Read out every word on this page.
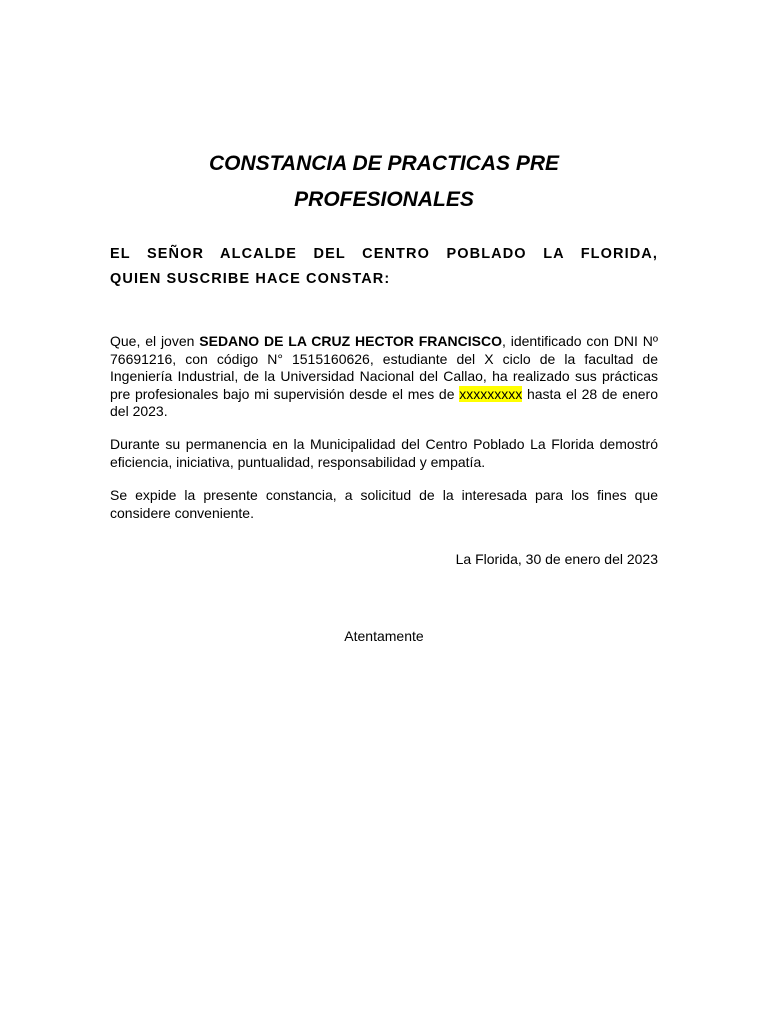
CONSTANCIA DE PRACTICAS PRE
PROFESIONALES

EL SEÑOR ALCALDE DEL CENTRO POBLADO LA FLORIDA,
QUIEN SUSCRIBE HACE CONSTAR:

Que, el joven SEDANO DE LA CRUZ HECTOR FRANCISCO, identificado con DNI Nº 76691216, con código N° 1515160626, estudiante del X ciclo de la facultad de Ingeniería Industrial, de la Universidad Nacional del Callao, ha realizado sus prácticas pre profesionales bajo mi supervisión desde el mes de xxxxxxxxx hasta el 28 de enero del 2023.

Durante su permanencia en la Municipalidad del Centro Poblado La Florida demostró eficiencia, iniciativa, puntualidad, responsabilidad y empatía.

Se expide la presente constancia, a solicitud de la interesada para los fines que considere conveniente.

La Florida, 30 de enero del 2023

Atentamente
